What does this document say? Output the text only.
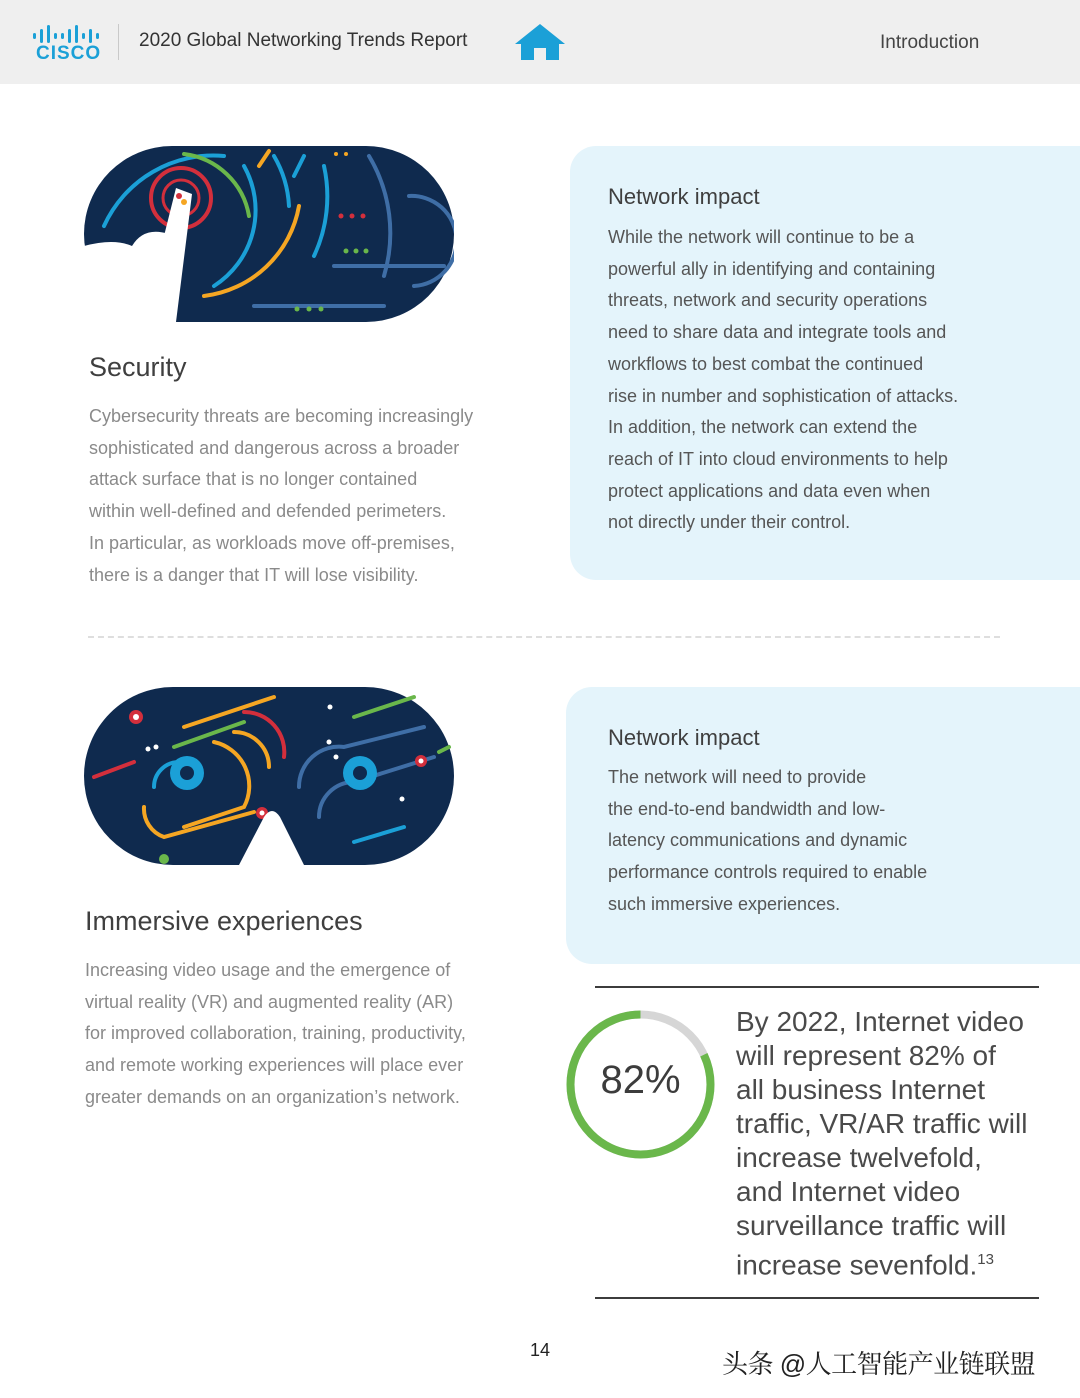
CISCO
2020 Global Networking Trends Report	Introduction
Security
Cybersecurity threats are becoming increasingly
sophisticated and dangerous across a broader
attack surface that is no longer contained
within well-defined and defended perimeters.
In particular, as workloads move off-premises,
there is a danger that IT will lose visibility.
Network impact
While the network will continue to be a
powerful ally in identifying and containing
threats, network and security operations
need to share data and integrate tools and
workflows to best combat the continued
rise in number and sophistication of attacks.
In addition, the network can extend the
reach of IT into cloud environments to help
protect applications and data even when
not directly under their control.
Immersive experiences
Increasing video usage and the emergence of
virtual reality (VR) and augmented reality (AR)
for improved collaboration, training, productivity,
and remote working experiences will place ever
greater demands on an organization’s network.
Network impact
The network will need to provide
the end-to-end bandwidth and low-
latency communications and dynamic
performance controls required to enable
such immersive experiences.
82%
By 2022, Internet video
will represent 82% of
all business Internet
traffic, VR/AR traffic will
increase twelvefold,
and Internet video
surveillance traffic will
increase sevenfold.$^{13}$
14	头条 @人工智能产业链联盟
